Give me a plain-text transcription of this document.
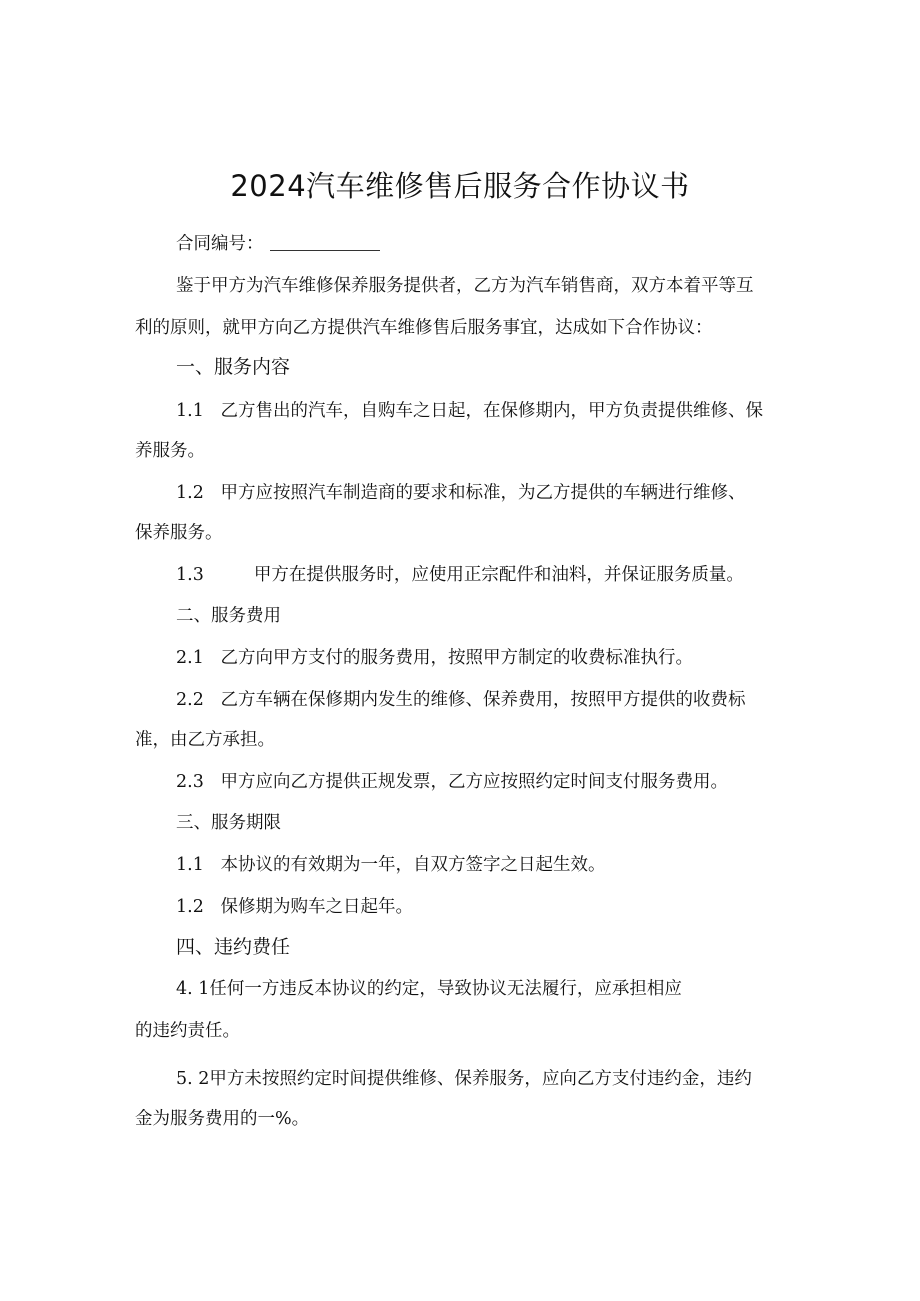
2024汽车维修售后服务合作协议书
合同编号：
鉴于甲方为汽车维修保养服务提供者，乙方为汽车销售商，双方本着平等互
利的原则，就甲方向乙方提供汽车维修售后服务事宜，达成如下合作协议：
一、服务内容
1.1 乙方售出的汽车，自购车之日起，在保修期内，甲方负责提供维修、保
养服务。
1.2 甲方应按照汽车制造商的要求和标准，为乙方提供的车辆进行维修、
保养服务。
1.3	甲方在提供服务时，应使用正宗配件和油料，并保证服务质量。
二、服务费用
2.1 乙方向甲方支付的服务费用，按照甲方制定的收费标准执行。
2.2 乙方车辆在保修期内发生的维修、保养费用，按照甲方提供的收费标
准，由乙方承担。
2.3 甲方应向乙方提供正规发票，乙方应按照约定时间支付服务费用。
三、服务期限
1.1 本协议的有效期为一年，自双方签字之日起生效。
1.2 保修期为购车之日起年。
四、违约费任
4. 1任何一方违反本协议的约定，导致协议无法履行，应承担相应
的违约责任。
5. 2甲方未按照约定时间提供维修、保养服务，应向乙方支付违约金，违约
金为服务费用的一%。
